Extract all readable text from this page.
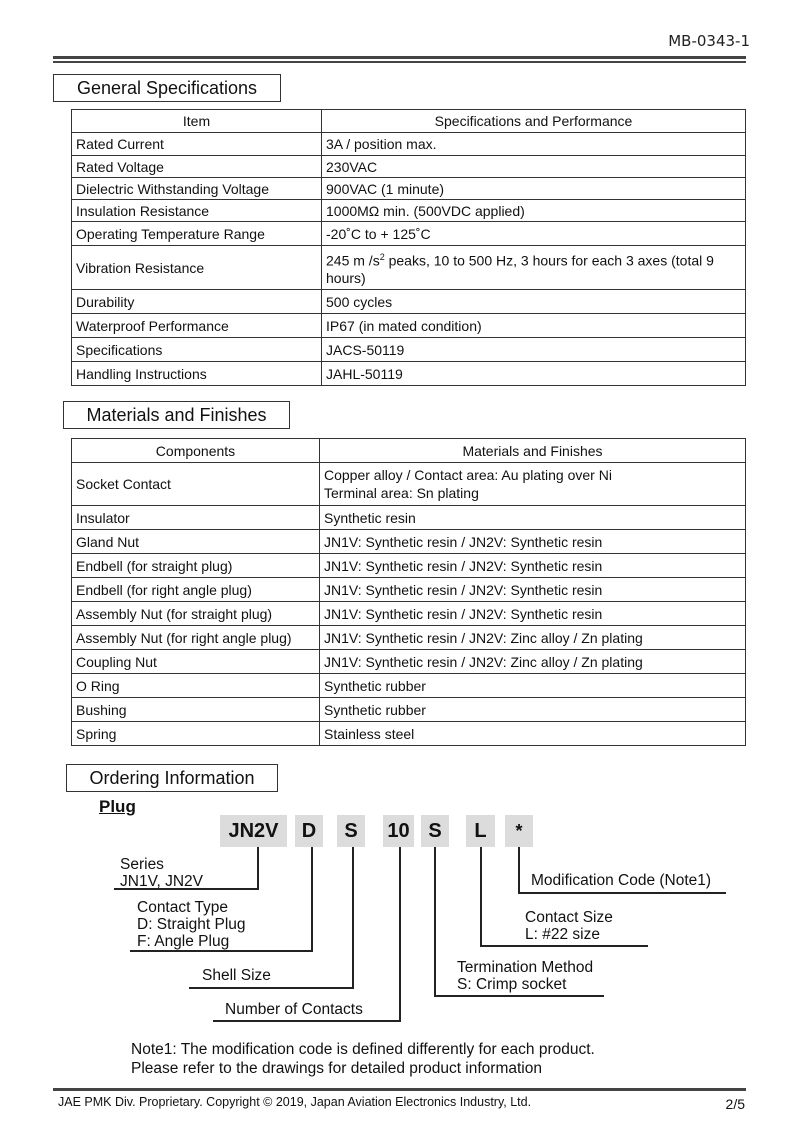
MB-0343-1
General Specifications
Item	Specifications and Performance
Rated Current	3A / position max.
Rated Voltage	230VAC
Dielectric Withstanding Voltage	900VAC (1 minute)
Insulation Resistance	1000MΩ min. (500VDC applied)
Operating Temperature Range	-20˚C to + 125˚C
Vibration Resistance	245 m $/s^2$ peaks, 10 to 500 Hz, 3 hours for each 3 axes (total 9 hours)
Durability	500 cycles
Waterproof Performance	IP67 (in mated condition)
Specifications	JACS-50119
Handling Instructions	JAHL-50119
Materials and Finishes
Components	Materials and Finishes
Socket Contact	Copper alloy / Contact area: Au plating over Ni
Terminal area: Sn plating

Insulator	Synthetic resin
Gland Nut	JN1V: Synthetic resin / JN2V: Synthetic resin
Endbell (for straight plug)	JN1V: Synthetic resin / JN2V: Synthetic resin
Endbell (for right angle plug)	JN1V: Synthetic resin / JN2V: Synthetic resin
Assembly Nut (for straight plug)	JN1V: Synthetic resin / JN2V: Synthetic resin
Assembly Nut (for right angle plug)	JN1V: Synthetic resin / JN2V: Zinc alloy / Zn plating
Coupling Nut	JN1V: Synthetic resin / JN2V: Zinc alloy / Zn plating
O Ring	Synthetic rubber
Bushing	Synthetic rubber
Spring	Stainless steel
Ordering Information
Plug
JN2V	D	S	10 S	L	*
Series
JN1V, JN2V
Contact Type
D: Straight Plug
F: Angle Plug
Shell Size
Number of Contacts
Termination Method
S: Crimp socket
Contact Size
L: #22 size
Modification Code (Note1)
Note1: The modification code is defined differently for each product.
Please refer to the drawings for detailed product information
JAE PMK Div. Proprietary. Copyright © 2019, Japan Aviation Electronics Industry, Ltd.	2/5
